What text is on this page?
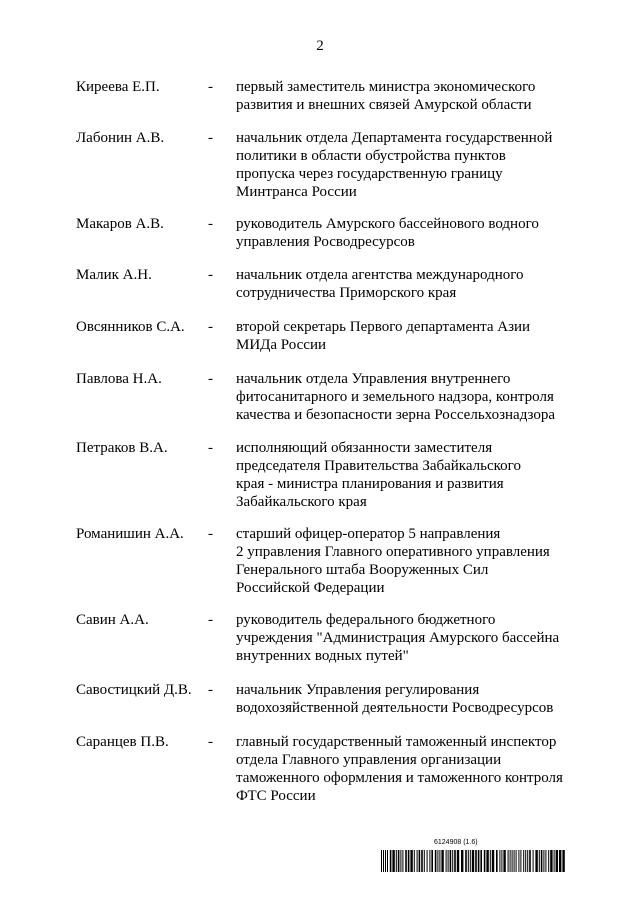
2
Киреева Е.П.	- первый заместитель министра экономического
развития и внешних связей Амурской области
Лабонин А.В.	- начальник отдела Департамента государственной
политики в области обустройства пунктов
пропуска через государственную границу
Минтранса России
Макаров А.В.	- руководитель Амурского бассейнового водного
управления Росводресурсов
Малик А.Н.	- начальник отдела агентства международного
сотрудничества Приморского края
Овсянников С.А. - второй секретарь Первого департамента Азии
МИДа России
Павлова Н.А.	- начальник отдела Управления внутреннего
фитосанитарного и земельного надзора, контроля
качества и безопасности зерна Россельхознадзора
Петраков В.А.	- исполняющий обязанности заместителя
председателя Правительства Забайкальского
края - министра планирования и развития
Забайкальского края
Романишин А.А. - старший офицер-оператор 5 направления
2 управления Главного оперативного управления
Генерального штаба Вооруженных Сил
Российской Федерации
Савин А.А.	- руководитель федерального бюджетного
учреждения "Администрация Амурского бассейна
внутренних водных путей"
Савостицкий Д.В. - начальник Управления регулирования
водохозяйственной деятельности Росводресурсов
Саранцев П.В.	- главный государственный таможенный инспектор
отдела Главного управления организации
таможенного оформления и таможенного контроля
ФТС России
6124908 (1.6)
